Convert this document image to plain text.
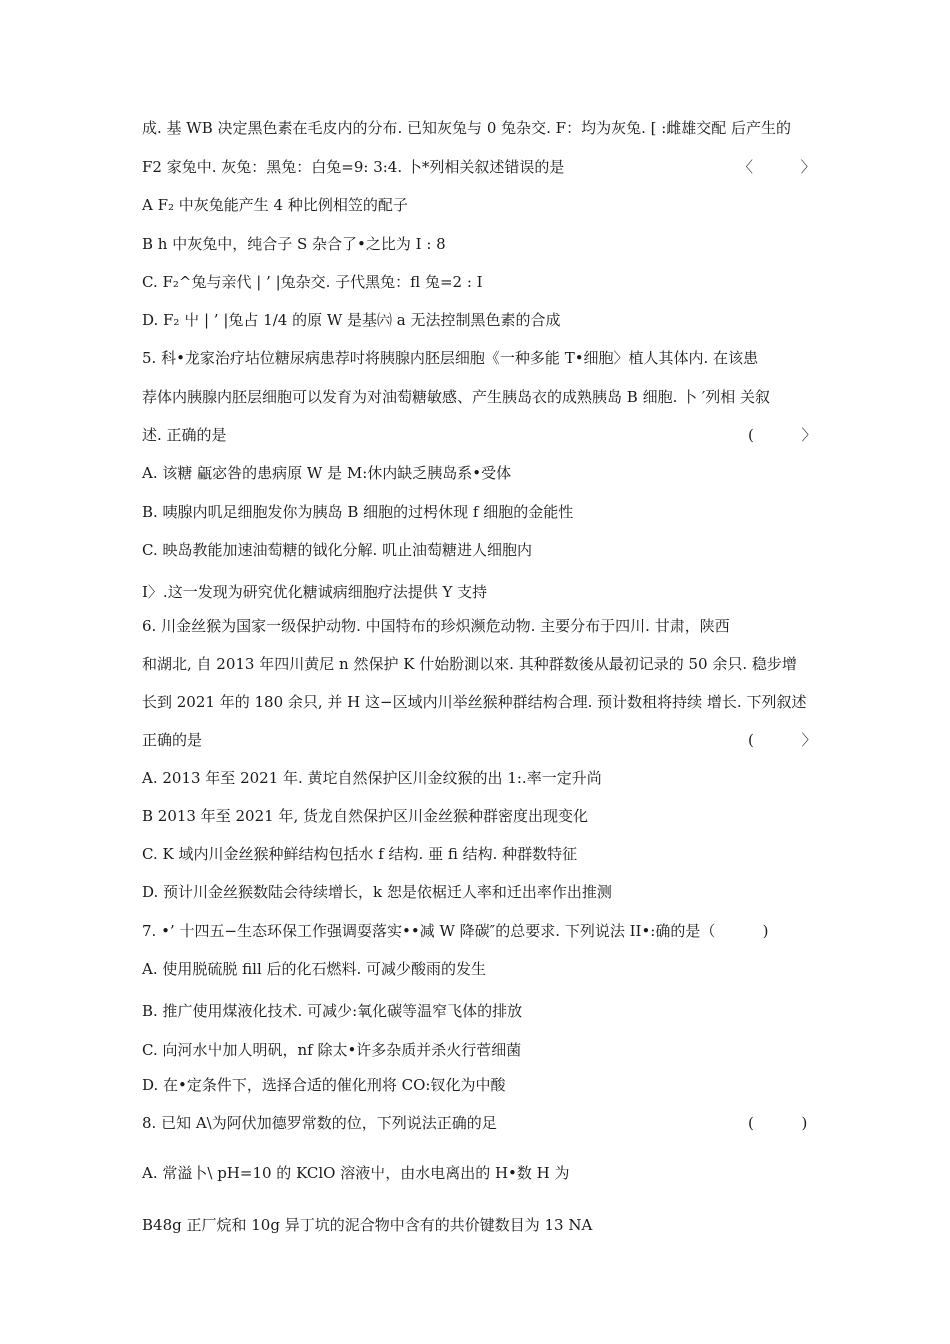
成. 基 WB 决定黑色素在毛皮内的分布. 已知灰兔与 0 兔杂交. F：均为灰兔. [ :雌雄交配 后产生的
F2 家兔中. 灰兔：黑兔：白兔=9: 3:4. 卜*列相关叙述错误的是
A F₂ 中灰兔能产生 4 种比例相笠的配子
B h 中灰兔中，纯合子 S 杂合了•之比为 I : 8
C. F₂^兔与亲代 | ’ |兔杂交. 子代黑兔：fl 兔=2 : I
D. F₂ 屮 | ’ |兔占 1/4 的原 W 是基㈥ a 无法控制黑色素的合成
5. 科•龙家治疗坫位糖尿病患荐吋将胰腺内胚层细胞《一种多能 T•细胞〉植人其体内. 在该患
荐体内胰腺内胚层细胞可以发育为对油萄糖敏感、产生胰岛衣的成熟胰岛 B 细胞. 卜 ′列相 关叙
述. 正确的是
A. 该糖 甂宓咎的患病原 W 是 M:休内缺乏胰岛系•受体
B. 咦腺内叽足细胞发你为胰岛 B 细胞的过枵休现 f 细胞的金能性
C. 映岛教能加速油萄糖的钺化分解. 叽止油萄糖进人细胞内
I〉.这一发现为研究优化糖诚病细胞疗法提供 Y 支持
6. 川金丝猴为国家一级保护动物. 中国特布的珍炽濒危动物. 主要分布于四川. 甘肃，陕西
和湖北, 自 2013 年四川黄尼 n 然保护 K 什始肦測以來. 其种群数後从最初记录的 50 余只. 稳步增
长到 2021 年的 180 余只, 并 H 这−区域内川举丝猴种群结构合理. 预计数租将持续 增长. 下列叙述
正确的是
A. 2013 年至 2021 年. 黄坨自然保护区川金纹猴的出 1:.率一定升尚
B 2013 年至 2021 年, 货龙自然保护区川金丝猴种群密度出现变化
C. K 域内川金丝猴种鲜结构包括水 f 结构. 亜 fi 结构. 种群数特征
D. 预计川金丝猴数陆会待续增长，k 恕是依椐迁人率和迁出率作出推测
7. •’ 十四五−生态环保工作强调耍落实••减 W 降碳″的总要求. 下列说法 II•:确的是（
A. 使用脱硫脱 fill 后的化石燃料. 可减少酸雨的发生
B. 推广使用煤液化技术. 可减少:氧化碳等温窄飞体的排放
C. 向河水屮加人明矾，nf 除太•许多杂质并杀火行菅细菌
D. 在•定条件下，选择合适的催化刑将 CO:钗化为中酸
8. 已知 A\为阿伏加德罗常数的位，下列说法正确的足
A. 常溢卜\ pH=10 的 KClO 溶液屮，由水电离出的 H•数 H 为
B48g 正厂烷和 10g 异丁坑的泥合物中含有的共价键数目为 13 NA
〈          〉
(          〉
(          〉
)
(          )
